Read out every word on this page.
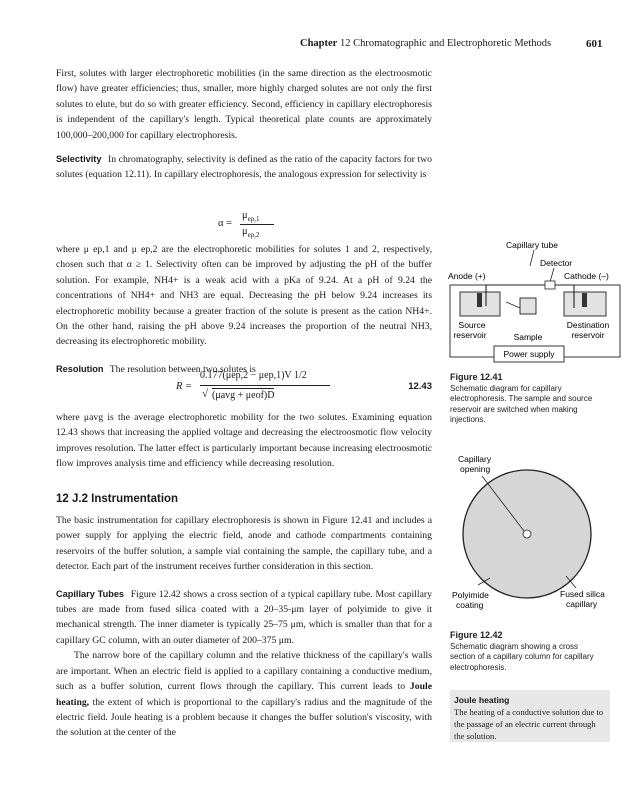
Chapter 12 Chromatographic and Electrophoretic Methods	601

First, solutes with larger electrophoretic mobilities (in the same direction as the electroosmotic flow) have greater efficiencies; thus, smaller, more highly charged solutes are not only the first solutes to elute, but do so with greater efficiency. Second, efficiency in capillary electrophoresis is independent of the capillary's length. Typical theoretical plate counts are approximately 100,000–200,000 for capillary electrophoresis.

Selectivity In chromatography, selectivity is defined as the ratio of the capacity factors for two solutes (equation 12.11). In capillary electrophoresis, the analogous expression for selectivity is

α =
$\mu_{ep,1}$
$\mu_{ep,2}$

where μ ep,1 and μ ep,2 are the electrophoretic mobilities for solutes 1 and 2, respectively, chosen such that α ≥ 1. Selectivity often can be improved by adjusting the pH of the buffer solution. For example, NH4+ is a weak acid with a pKa of 9.24. At a pH of 9.24 the concentrations of NH4+ and NH3 are equal. Decreasing the pH below 9.24 increases its electrophoretic mobility because a greater fraction of the solute is present as the cation NH4+. On the other hand, raising the pH above 9.24 increases the proportion of the neutral NH3, decreasing its electrophoretic mobility.

Resolution The resolution between two solutes is

R =
0.177(μep,2 − μep,1)V 1/2
√ (μavg + μeof)D
12.43

where μavg is the average electrophoretic mobility for the two solutes. Examining equation 12.43 shows that increasing the applied voltage and decreasing the electroosmotic flow velocity improves resolution. The latter effect is particularly important because increasing electroosmotic flow improves analysis time and efficiency while decreasing resolution.

12 J.2 Instrumentation

The basic instrumentation for capillary electrophoresis is shown in Figure 12.41 and includes a power supply for applying the electric field, anode and cathode compartments containing reservoirs of the buffer solution, a sample vial containing the sample, the capillary tube, and a detector. Each part of the instrument receives further consideration in this section.

Capillary Tubes Figure 12.42 shows a cross section of a typical capillary tube. Most capillary tubes are made from fused silica coated with a 20–35-μm layer of polyimide to give it mechanical strength. The inner diameter is typically 25–75 μm, which is smaller than that for a capillary GC column, with an outer diameter of 200–375 μm.

The narrow bore of the capillary column and the relative thickness of the capillary's walls are important. When an electric field is applied to a capillary containing a conductive medium, such as a buffer solution, current flows through the capillary. This current leads to Joule heating, the extent of which is proportional to the capillary's radius and the magnitude of the electric field. Joule heating is a problem because it changes the buffer solution's viscosity, with the solution at the center of the

Capillary tube
Detector
Anode (+)	Cathode (–)
Source
reservoir	Sample
Destination
reservoir
Power supply
Figure 12.41
Schematic diagram for capillary electrophoresis. The sample and source reservoir are switched when making injections.
Capillary
opening
Polyimide
coating
Fused silica
capillary
Figure 12.42
Schematic diagram showing a cross section of a capillary column for capillary electrophoresis.
Joule heating
The heating of a conductive solution due to the passage of an electric current through the solution.
